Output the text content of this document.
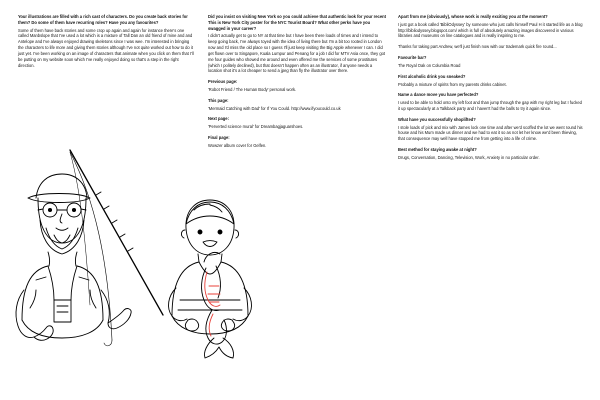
Your illustrations are filled with a rich cast of characters. Do you create back stories for them? Do some of them have recurring roles? Have you any favourites?

Some of them have back stories and some crop up again and again for instance there's one called Manbslope that I've used a lot which is a mixture of Tall Dan an old friend of mine and and Antelope and I've always enjoyed drawing skeletons since I was wee. I'm interested in bringing the characters to life more and giving them stories although I've not quite worked out how to do it just yet. I've been working on an image of characters that animate when you click on them that I'll be putting on my website soon which I've really enjoyed doing so that's a step in the right direction.

Did you insist on visiting New York so you could achieve that authentic look for your recent This is New York City poster for the NYC Tourist Board? What other perks have you swagged in your career?

I didn't actually get to go to NY at that time but I have been there loads of times and I intend to keep going back, I've always toyed with the idea of living there but I'm a bit too rooted in London now and I'd miss the old place so I guess I'll just keep visiting the Big Apple whenever I can. I did get flown over to Singapore, Kuala Lumpur and Penang for a job I did for MTV Asia once, they got me four guides who showed me around and even offered me the services of some prostitutes (which I politely declined), but that doesn't happen often as an illustrator, if anyone needs a location shot it's a lot cheaper to send a jpeg than fly the illustrator over there.

Previous page:

'Robot Friend / The Human Body' personal work.

This page:

'Mermaid Catching with Dad' for If You Could. http://www.ifyoucould.co.uk

Next page:

'Perverted science mural' for Dreambagjaguarshoes.

Final page:

Wowzer album cover for Gelfen.

Apart from me (obviously), whose work is really exciting you at the moment?

I just got a book called 'BibliOdyssey' by someone who just calls himself Paul H it started life as a blog http://bibliodyssey.blogspot.com/ which is full of absolutely amazing images discovered in various libraries and museums on line catalogues and is really inspiring to me.

Thanks for taking part Andrew, we'll just finish now with our trademark quick fire round...

Favourite bar?

The Royal Oak on Columbia Road

First alcoholic drink you sneaked?

Probably a mixture of spirits from my parents drinks cabinet.

Name a dance move you have perfected?

I used to be able to hold onto my left foot and than jump through the gap with my right leg but I fucked it up spectacularly at a Talkback party and I haven't had the balls to try it again since.

What have you successfully shoplifted?

I stole loads of pick and mix with James lock one time and after we'd scoffed the lot we went round his house and his Mum made us dinner and we had to eat it so as not let her know we'd been thieving, that consequence may well have stopped me from getting into a life of crime.

Best method for staying awake at night?

Drugs, Conversation, Dancing, Television, Work, Anxiety in no particular order.
